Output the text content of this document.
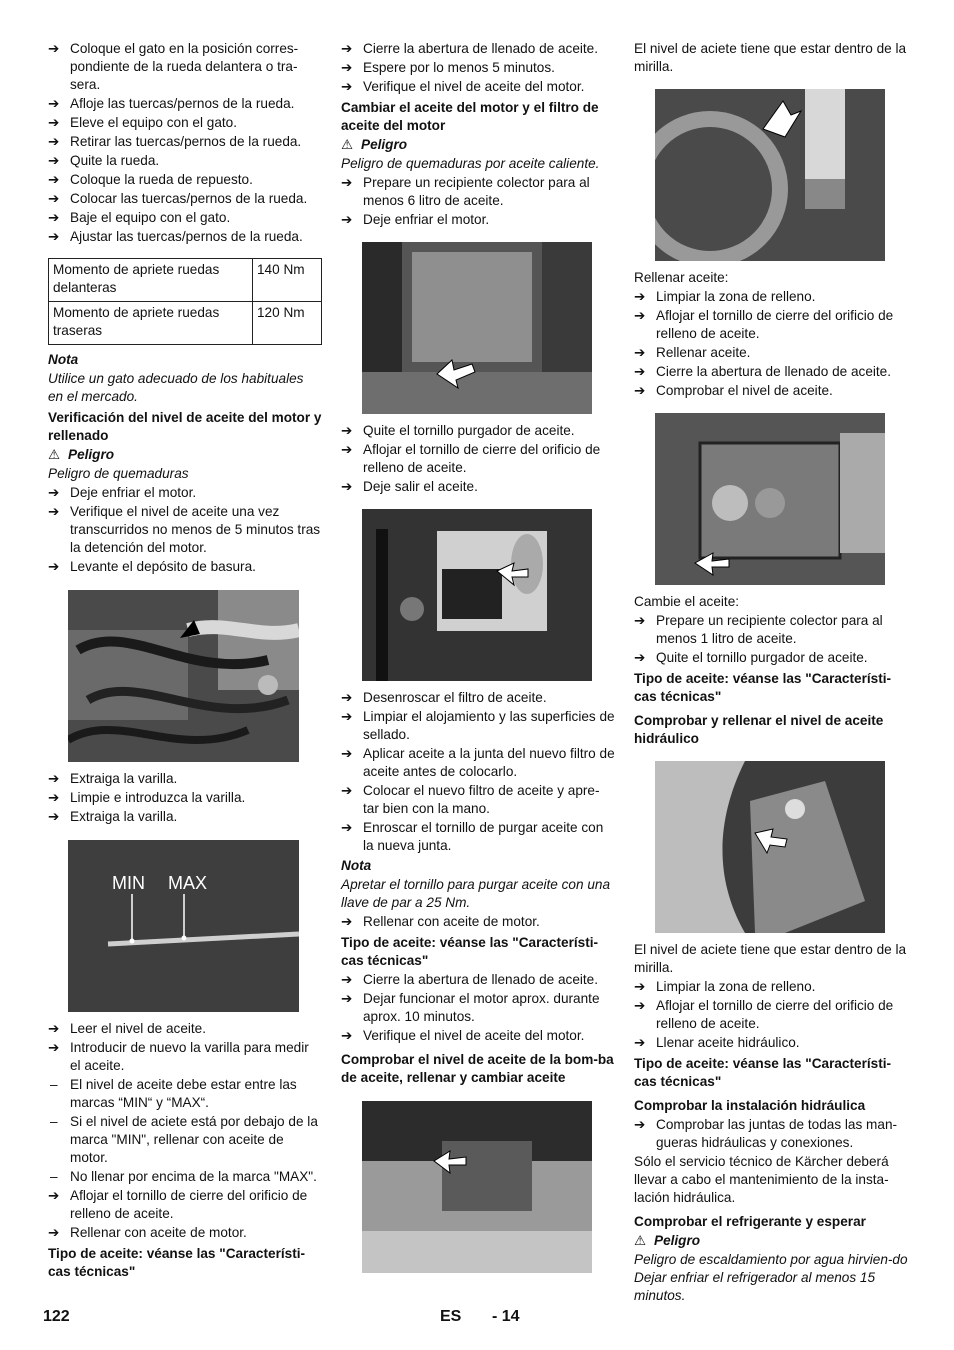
➔ Coloque el gato en la posición corres-pondiente de la rueda delantera o tra-sera.
➔ Afloje las tuercas/pernos de la rueda.
➔ Eleve el equipo con el gato.
➔ Retirar las tuercas/pernos de la rueda.
➔ Quite la rueda.
➔ Coloque la rueda de repuesto.
➔ Colocar las tuercas/pernos de la rueda.
➔ Baje el equipo con el gato.
➔ Ajustar las tuercas/pernos de la rueda.
Momento de apriete ruedas delanteras	140 Nm
Momento de apriete ruedas traseras	120 Nm
Nota

Utilice un gato adecuado de los habituales en el mercado.

Verificación del nivel de aceite del motor y rellenado
⚠ Peligro

Peligro de quemaduras

➔ Deje enfriar el motor.
➔ Verifique el nivel de aceite una vez transcurridos no menos de 5 minutos tras la detención del motor.
➔ Levante el depósito de basura.
➔ Extraiga la varilla.
➔ Limpie e introduzca la varilla.
➔ Extraiga la varilla.
MIN MAX
➔ Leer el nivel de aceite.
➔ Introducir de nuevo la varilla para medir el aceite.
– El nivel de aceite debe estar entre las marcas “MIN“ y “MAX“.
– Si el nivel de aciete está por debajo de la marca "MIN", rellenar con aceite de motor.
– No llenar por encima de la marca "MAX".
➔ Aflojar el tornillo de cierre del orificio de relleno de aceite.
➔ Rellenar con aceite de motor.
Tipo de aceite: véanse las "Característi-cas técnicas"
➔ Cierre la abertura de llenado de aceite.
➔ Espere por lo menos 5 minutos.
➔ Verifique el nivel de aceite del motor.
Cambiar el aceite del motor y el filtro de aceite del motor
⚠ Peligro

Peligro de quemaduras por aceite caliente.

➔ Prepare un recipiente colector para al menos 6 litro de aceite.
➔ Deje enfriar el motor.
➔ Quite el tornillo purgador de aceite.
➔ Aflojar el tornillo de cierre del orificio de relleno de aceite.
➔ Deje salir el aceite.
➔ Desenroscar el filtro de aceite.
➔ Limpiar el alojamiento y las superficies de sellado.
➔ Aplicar aceite a la junta del nuevo filtro de aceite antes de colocarlo.
➔ Colocar el nuevo filtro de aceite y apre-tar bien con la mano.
➔ Enroscar el tornillo de purgar aceite con la nueva junta.
Nota

Apretar el tornillo para purgar aceite con una llave de par a 25 Nm.

➔ Rellenar con aceite de motor.
Tipo de aceite: véanse las "Característi-cas técnicas"
➔ Cierre la abertura de llenado de aceite.
➔ Dejar funcionar el motor aprox. durante aprox. 10 minutos.
➔ Verifique el nivel de aceite del motor.
Comprobar el nivel de aceite de la bom-ba de aceite, rellenar y cambiar aceite

El nivel de aciete tiene que estar dentro de la mirilla.

Rellenar aceite:

➔ Limpiar la zona de relleno.
➔ Aflojar el tornillo de cierre del orificio de relleno de aceite.
➔ Rellenar aceite.
➔ Cierre la abertura de llenado de aceite.
➔ Comprobar el nivel de aceite.

Cambie el aceite:

➔ Prepare un recipiente colector para al menos 1 litro de aceite.
➔ Quite el tornillo purgador de aceite.
Tipo de aceite: véanse las "Característi-cas técnicas"
Comprobar y rellenar el nivel de aceite hidráulico

El nivel de aciete tiene que estar dentro de la mirilla.

➔ Limpiar la zona de relleno.
➔ Aflojar el tornillo de cierre del orificio de relleno de aceite.
➔ Llenar aceite hidráulico.
Tipo de aceite: véanse las "Característi-cas técnicas"
Comprobar la instalación hidráulica
➔ Comprobar las juntas de todas las man-gueras hidráulicas y conexiones.

Sólo el servicio técnico de Kärcher deberá llevar a cabo el mantenimiento de la insta-lación hidráulica.

Comprobar el refrigerante y esperar
⚠ Peligro

Peligro de escaldamiento por agua hirvien-do Dejar enfriar el refrigerador al menos 15 minutos.

122	ES - 14
